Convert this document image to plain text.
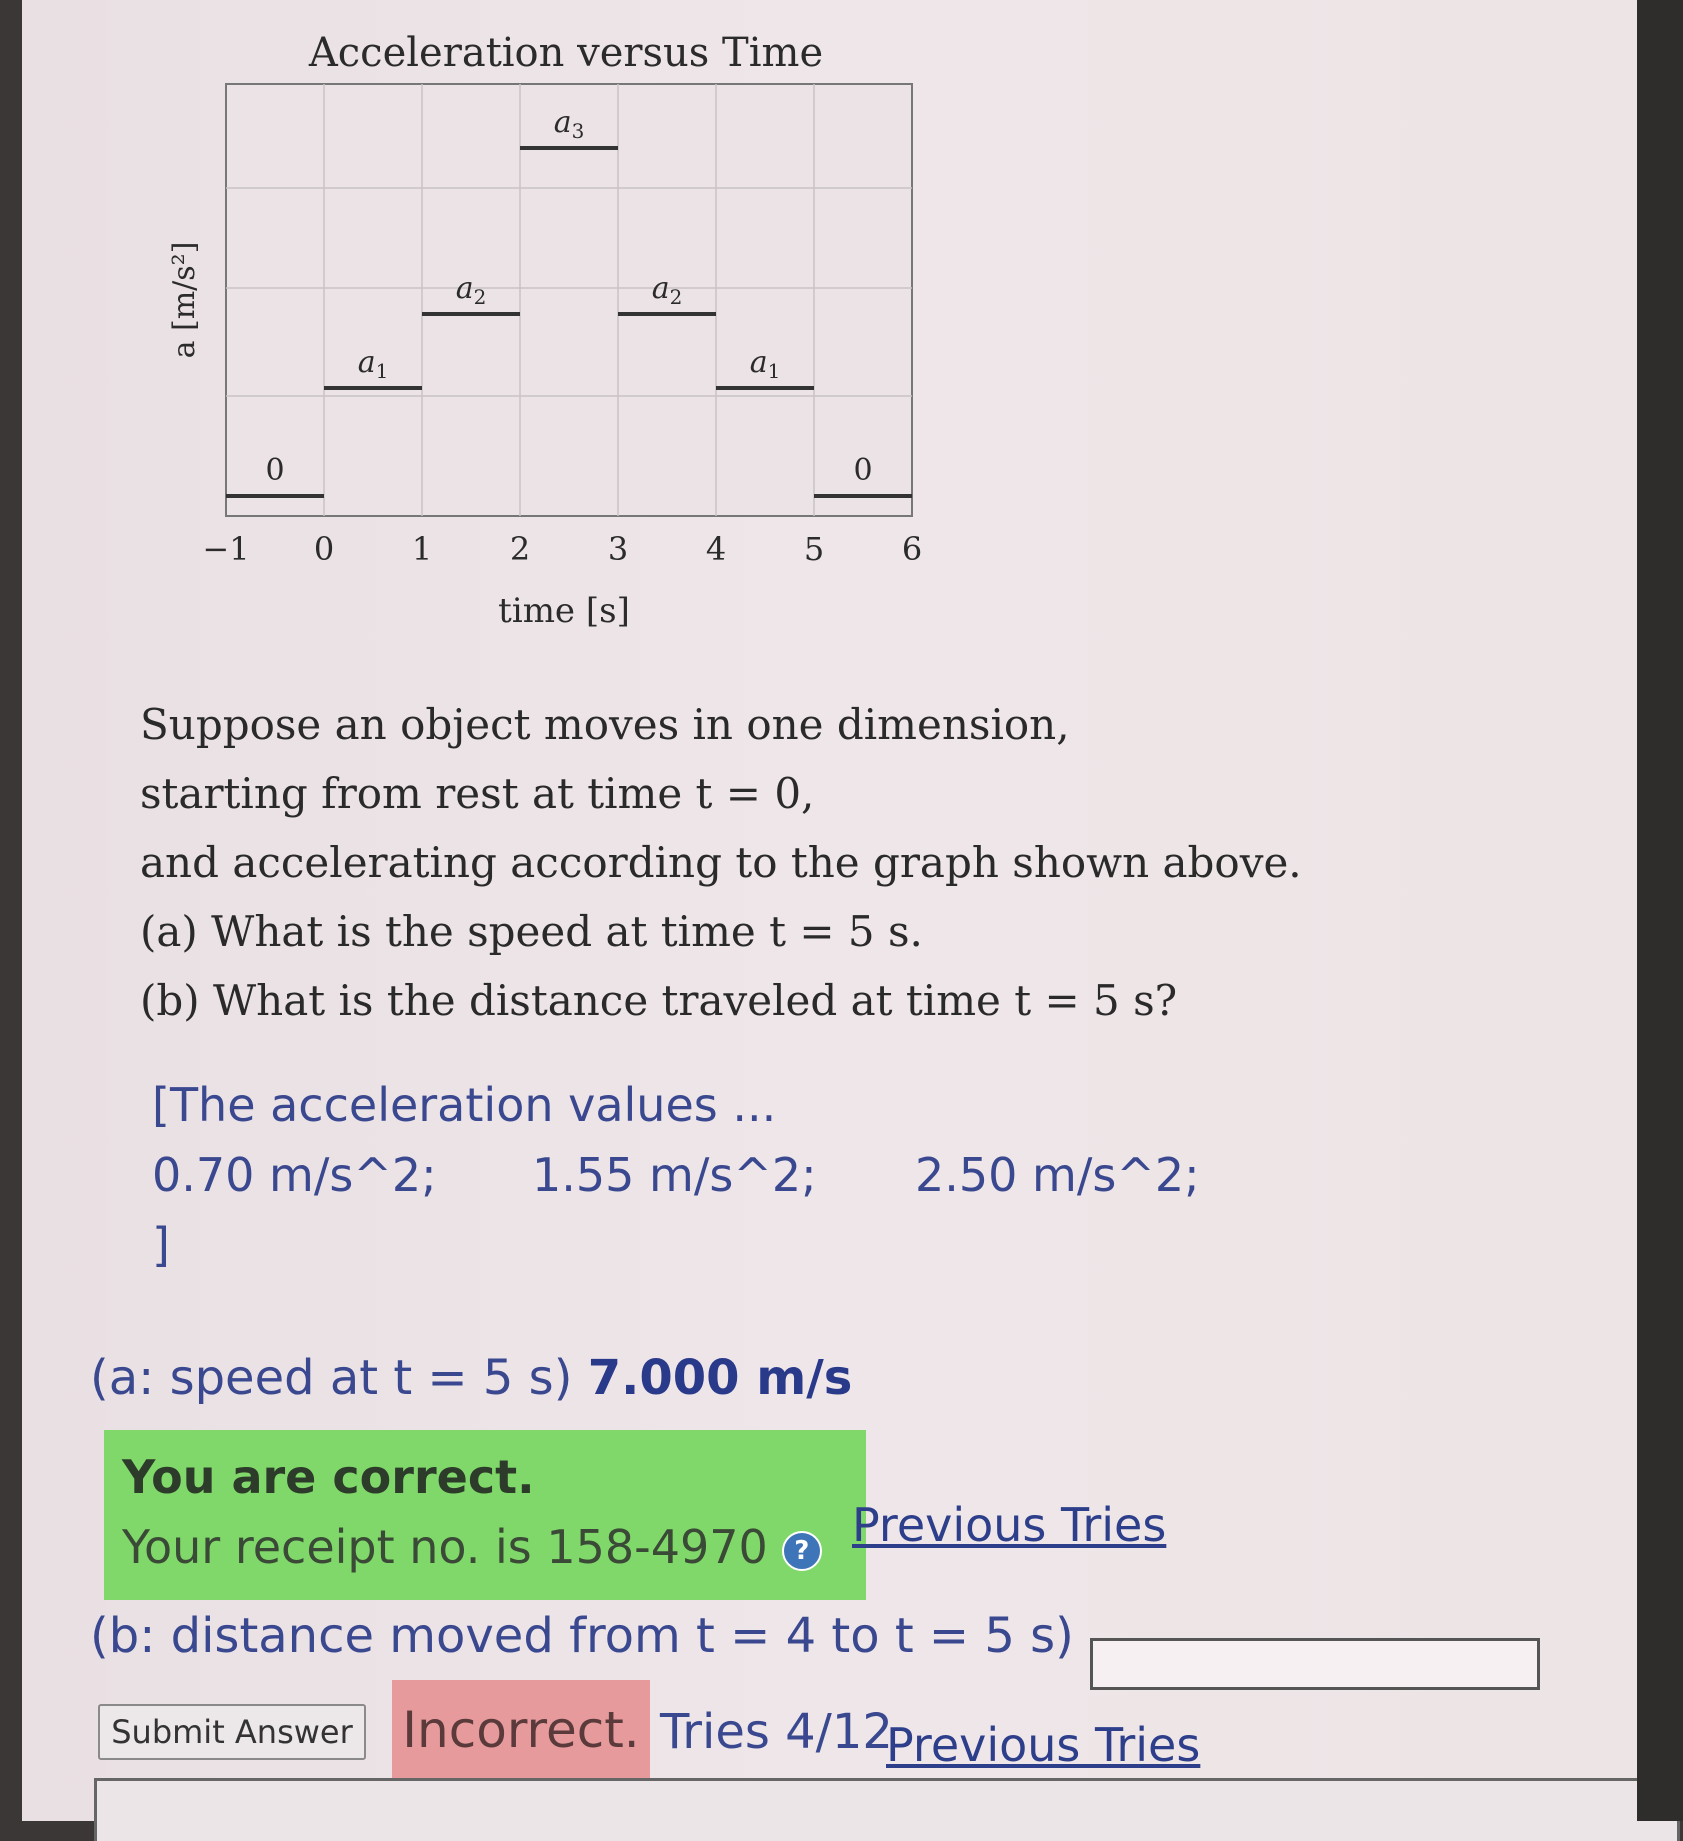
Acceleration versus Time
0
$a_1$
$a_2$
$a_3$
$a_2$
$a_1$
0
−1 0 1 2 3 4 5 6
time [s]
a [m/s²]
Suppose an object moves in one dimension,
starting from rest at time t = 0,
and accelerating according to the graph shown above.
(a) What is the speed at time t = 5 s.
(b) What is the distance traveled at time t = 5 s?
[The acceleration values ...
0.70 m/s^2;	1.55 m/s^2;	2.50 m/s^2;
]
(a: speed at t = 5 s) 7.000 m/s
You are correct.
Your receipt no. is 158-4970 ? Previous Tries
(b: distance moved from t = 4 to t = 5 s)
Submit Answer Incorrect. Tries 4/12
Previous Tries
